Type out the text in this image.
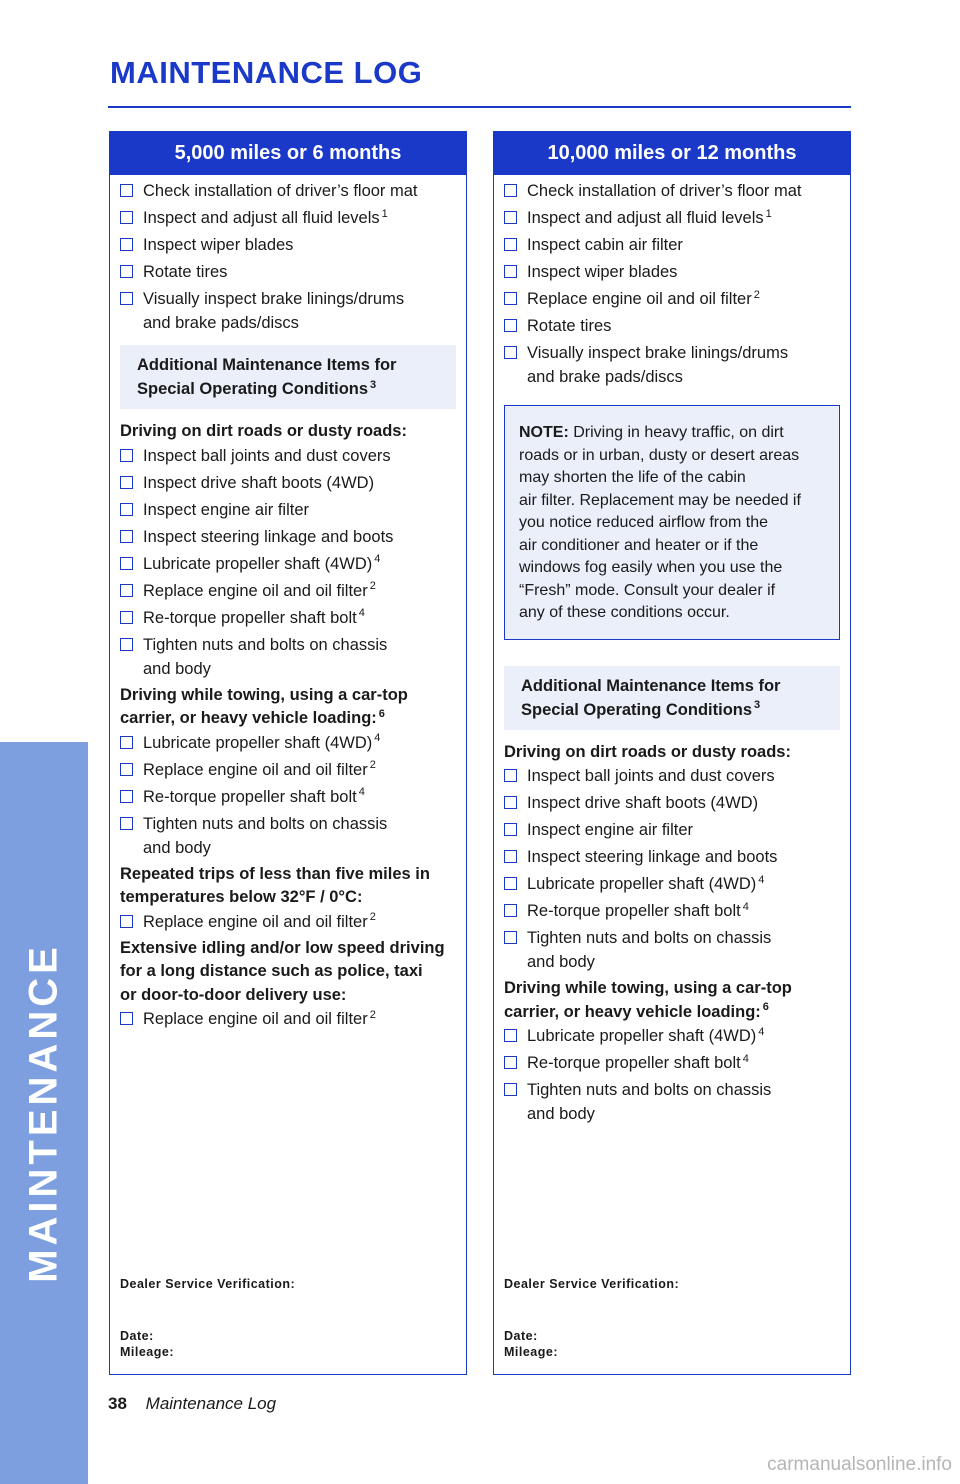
MAINTENANCE
MAINTENANCE LOG
5,000 miles or 6 months
Check installation of driver’s floor mat
Inspect and adjust all fluid levels $^1$
Inspect wiper blades
Rotate tires
Visually inspect brake linings/drums
and brake pads/discs
Additional Maintenance Items for
Special Operating Conditions $^3$
Driving on dirt roads or dusty roads:
Inspect ball joints and dust covers
Inspect drive shaft boots (4WD)
Inspect engine air filter
Inspect steering linkage and boots
Lubricate propeller shaft (4WD) $^4$
Replace engine oil and oil filter $^2$
Re-torque propeller shaft bolt $^4$
Tighten nuts and bolts on chassis
and body
Driving while towing, using a car-top
carrier, or heavy vehicle loading: $^6$
Lubricate propeller shaft (4WD) $^4$
Replace engine oil and oil filter $^2$
Re-torque propeller shaft bolt $^4$
Tighten nuts and bolts on chassis
and body
Repeated trips of less than five miles in
temperatures below 32°F / 0°C:
Replace engine oil and oil filter $^2$
Extensive idling and/or low speed driving
for a long distance such as police, taxi
or door-to-door delivery use:
Replace engine oil and oil filter $^2$
Dealer Service Verification:
Date:
Mileage:
10,000 miles or 12 months
Check installation of driver’s floor mat
Inspect and adjust all fluid levels $^1$
Inspect cabin air filter
Inspect wiper blades
Replace engine oil and oil filter $^2$
Rotate tires
Visually inspect brake linings/drums
and brake pads/discs
NOTE: Driving in heavy traffic, on dirt
roads or in urban, dusty or desert areas
may shorten the life of the cabin
air filter. Replacement may be needed if
you notice reduced airflow from the
air conditioner and heater or if the
windows fog easily when you use the
“Fresh” mode. Consult your dealer if
any of these conditions occur.
Additional Maintenance Items for
Special Operating Conditions $^3$
Driving on dirt roads or dusty roads:
Inspect ball joints and dust covers
Inspect drive shaft boots (4WD)
Inspect engine air filter
Inspect steering linkage and boots
Lubricate propeller shaft (4WD) $^4$
Re-torque propeller shaft bolt $^4$
Tighten nuts and bolts on chassis
and body
Driving while towing, using a car-top
carrier, or heavy vehicle loading: $^6$
Lubricate propeller shaft (4WD) $^4$
Re-torque propeller shaft bolt $^4$
Tighten nuts and bolts on chassis
and body
Dealer Service Verification:
Date:
Mileage:
38 Maintenance Log
carmanualsonline.info
